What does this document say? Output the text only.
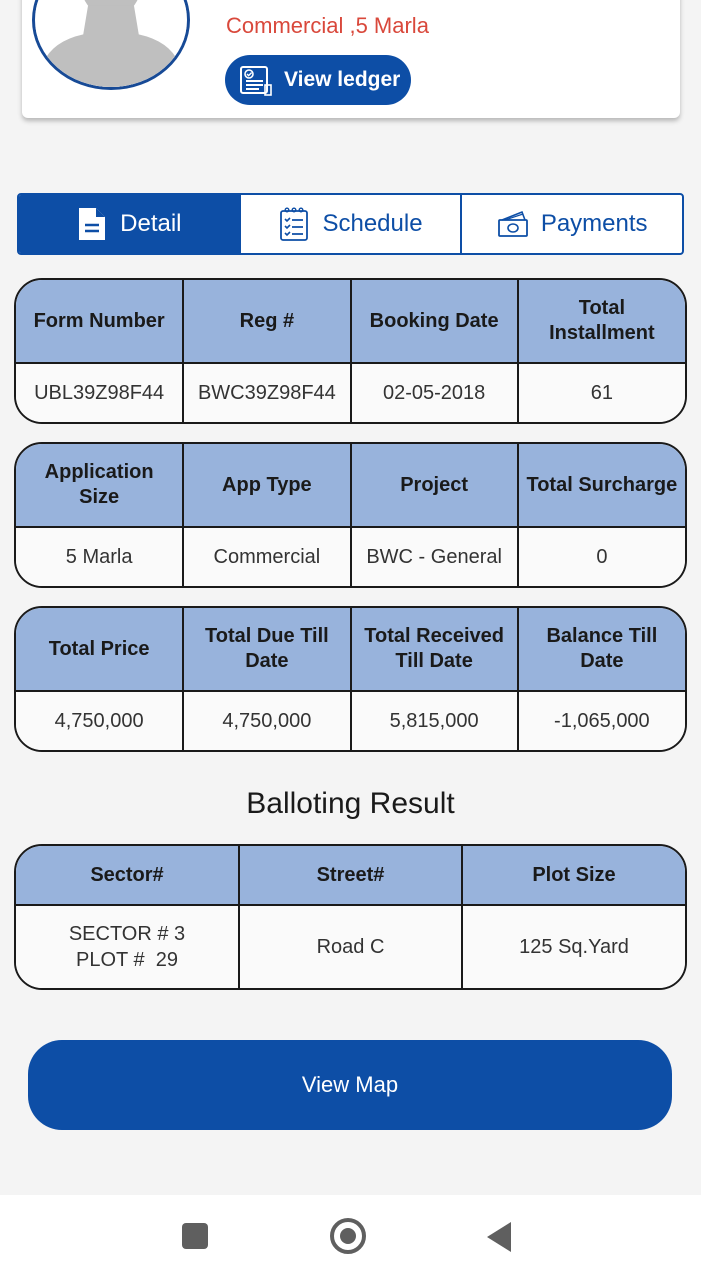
Commercial ,5 Marla
View ledger
Detail	Schedule	Payments
Form Number	Reg #	Booking Date	Total Installment
UBL39Z98F44	BWC39Z98F44	02-05-2018	61
Application Size	App Type	Project	Total Surcharge
5 Marla	Commercial	BWC - General	0
Total Price	Total Due Till Date	Total Received Till Date	Balance Till Date
4,750,000	4,750,000	5,815,000	-1,065,000
Balloting Result
Sector#	Street#	Plot Size

SECTOR # 3
PLOT #  29	Road C	125 Sq.Yard
View Map
